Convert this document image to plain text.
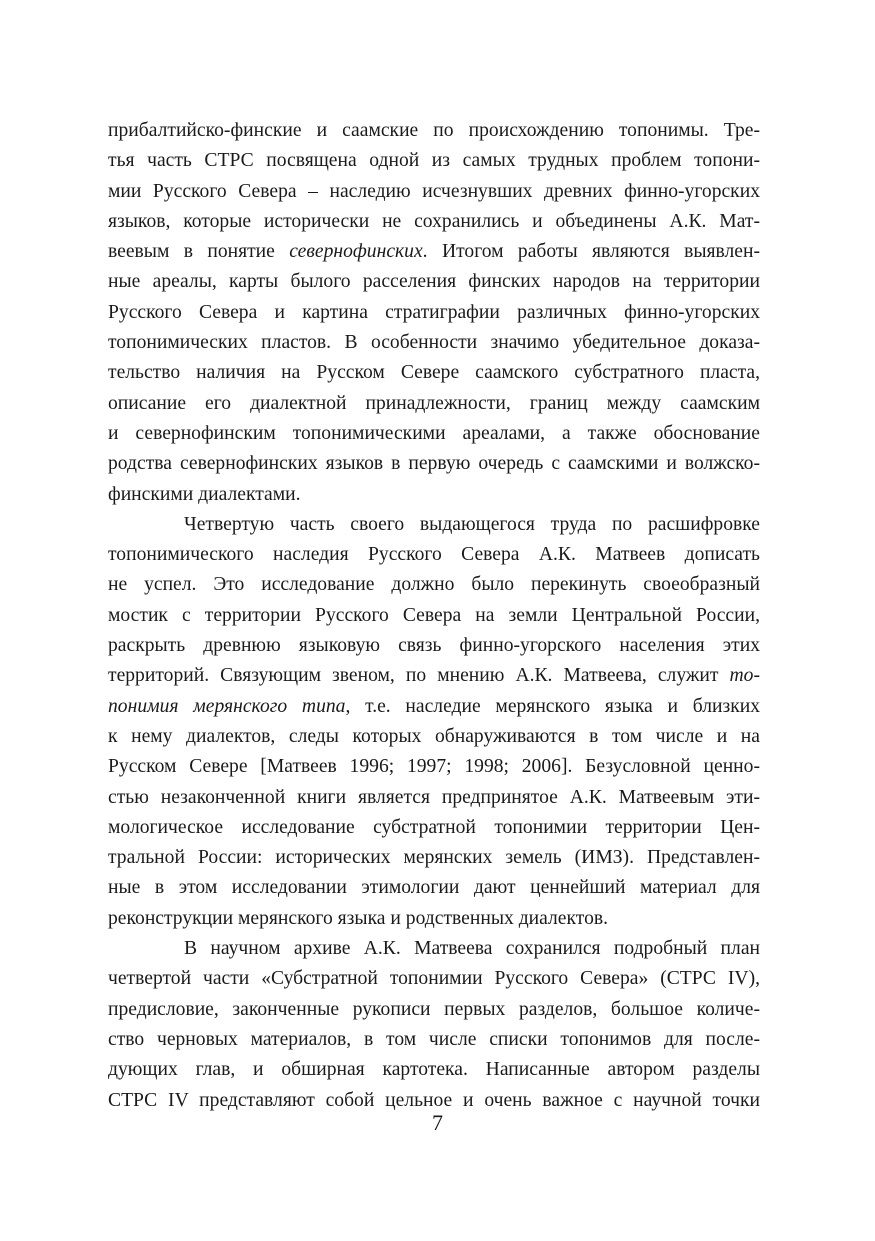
прибалтийско-финские и саамские по происхождению топонимы. Тре-
тья часть СТРС посвящена одной из самых трудных проблем топони-
мии Русского Севера – наследию исчезнувших древних финно-угорских
языков, которые исторически не сохранились и объединены А.К. Мат-
веевым в понятие севернофинских. Итогом работы являются выявлен-
ные ареалы, карты былого расселения финских народов на территории
Русского Севера и картина стратиграфии различных финно-угорских
топонимических пластов. В особенности значимо убедительное доказа-
тельство наличия на Русском Севере саамского субстратного пласта,
описание его диалектной принадлежности, границ между саамским
и севернофинским топонимическими ареалами, а также обоснование
родства севернофинских языков в первую очередь с саамскими и волжско-
финскими диалектами.
Четвертую часть своего выдающегося труда по расшифровке
топонимического наследия Русского Севера А.К. Матвеев дописать
не успел. Это исследование должно было перекинуть своеобразный
мостик с территории Русского Севера на земли Центральной России,
раскрыть древнюю языковую связь финно-угорского населения этих
территорий. Связующим звеном, по мнению А.К. Матвеева, служит то-
понимия мерянского типа, т.е. наследие мерянского языка и близких
к нему диалектов, следы которых обнаруживаются в том числе и на
Русском Севере [Матвеев 1996; 1997; 1998; 2006]. Безусловной ценно-
стью незаконченной книги является предпринятое А.К. Матвеевым эти-
мологическое исследование субстратной топонимии территории Цен-
тральной России: исторических мерянских земель (ИМЗ). Представлен-
ные в этом исследовании этимологии дают ценнейший материал для
реконструкции мерянского языка и родственных диалектов.
В научном архиве А.К. Матвеева сохранился подробный план
четвертой части «Субстратной топонимии Русского Севера» (СТРС IV),
предисловие, законченные рукописи первых разделов, большое количе-
ство черновых материалов, в том числе списки топонимов для после-
дующих глав, и обширная картотека. Написанные автором разделы
СТРС IV представляют собой цельное и очень важное с научной точки
7
